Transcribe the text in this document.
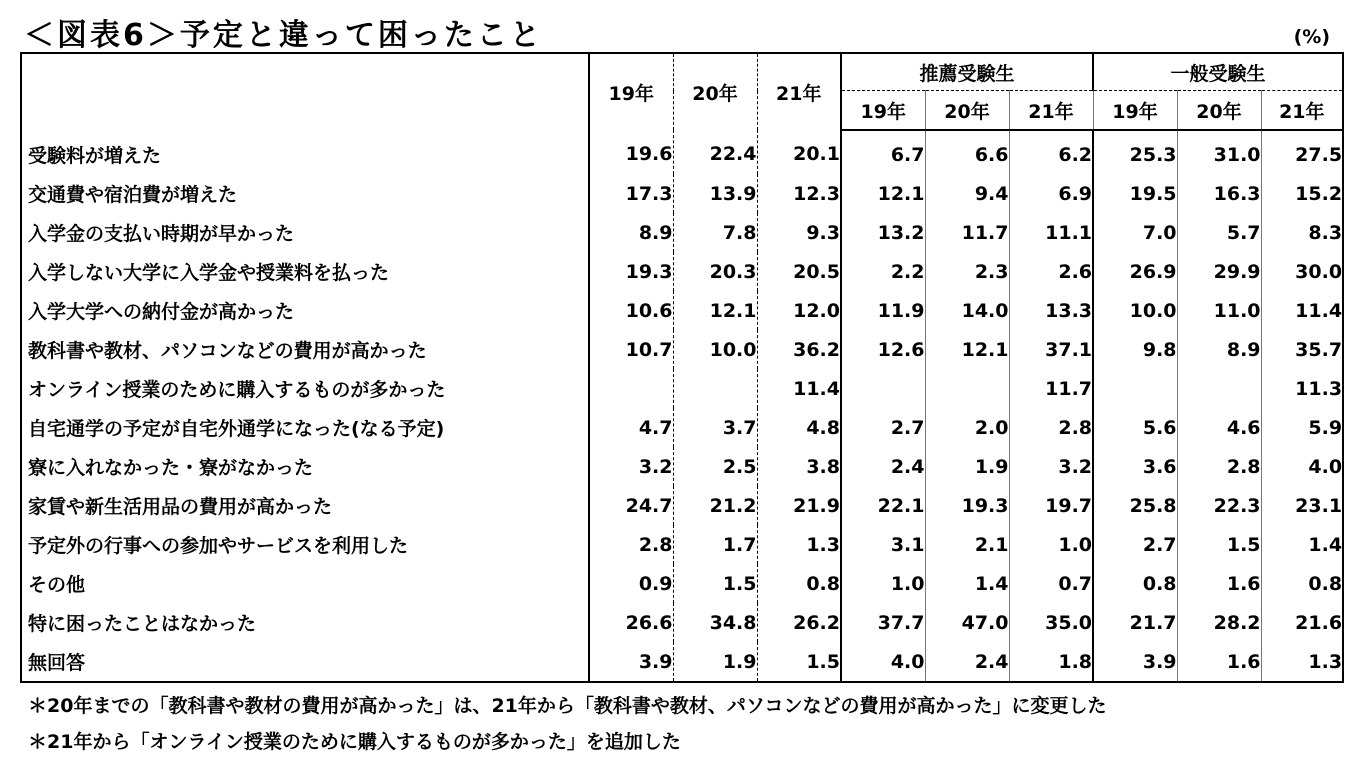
＜図表6＞予定と違って困ったこと	(%)
	19年	20年	21年	推薦受験生			一般受験生		
				19年	20年	21年	19年	20年	21年
受験料が増えた	19.6	22.4	20.1	6.7	6.6	6.2	25.3	31.0	27.5
交通費や宿泊費が増えた	17.3	13.9	12.3	12.1	9.4	6.9	19.5	16.3	15.2
入学金の支払い時期が早かった	8.9	7.8	9.3	13.2	11.7	11.1	7.0	5.7	8.3
入学しない大学に入学金や授業料を払った	19.3	20.3	20.5	2.2	2.3	2.6	26.9	29.9	30.0
入学大学への納付金が高かった	10.6	12.1	12.0	11.9	14.0	13.3	10.0	11.0	11.4
教科書や教材、パソコンなどの費用が高かった	10.7	10.0	36.2	12.6	12.1	37.1	9.8	8.9	35.7
オンライン授業のために購入するものが多かった			11.4			11.7			11.3
自宅通学の予定が自宅外通学になった(なる予定)	4.7	3.7	4.8	2.7	2.0	2.8	5.6	4.6	5.9
寮に入れなかった・寮がなかった	3.2	2.5	3.8	2.4	1.9	3.2	3.6	2.8	4.0
家賃や新生活用品の費用が高かった	24.7	21.2	21.9	22.1	19.3	19.7	25.8	22.3	23.1
予定外の行事への参加やサービスを利用した	2.8	1.7	1.3	3.1	2.1	1.0	2.7	1.5	1.4
その他	0.9	1.5	0.8	1.0	1.4	0.7	0.8	1.6	0.8
特に困ったことはなかった	26.6	34.8	26.2	37.7	47.0	35.0	21.7	28.2	21.6
無回答	3.9	1.9	1.5	4.0	2.4	1.8	3.9	1.6	1.3
＊20年までの「教科書や教材の費用が高かった」は、21年から「教科書や教材、パソコンなどの費用が高かった」に変更した
＊21年から「オンライン授業のために購入するものが多かった」を追加した
